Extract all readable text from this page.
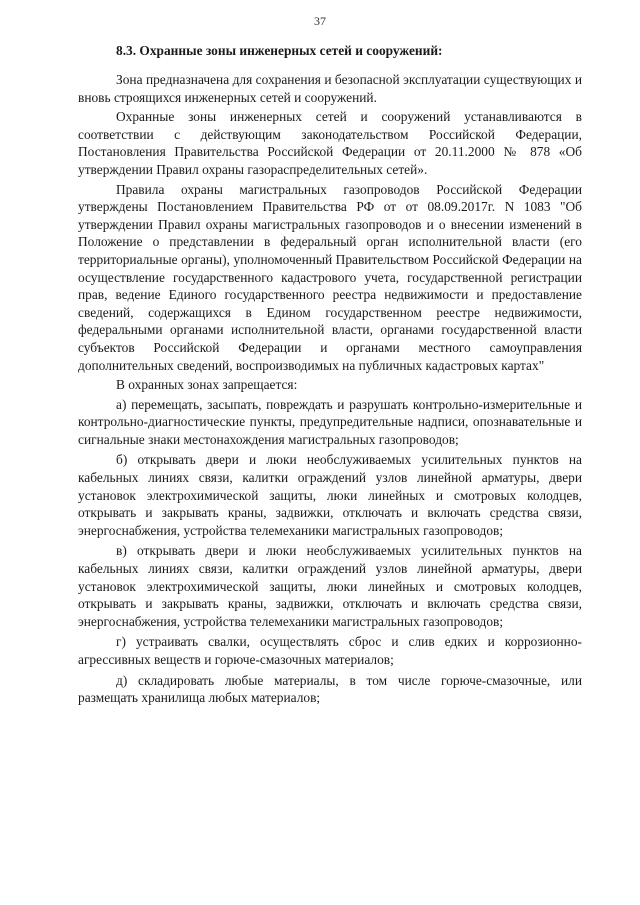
37

8.3. Охранные зоны инженерных сетей и сооружений:

Зона предназначена для сохранения и безопасной эксплуатации существующих и вновь строящихся инженерных сетей и сооружений.

Охранные зоны инженерных сетей и сооружений устанавливаются в соответствии с действующим законодательством Российской Федерации, Постановления Правительства Российской Федерации от 20.11.2000 № 878 «Об утверждении Правил охраны газораспределительных сетей».

Правила охраны магистральных газопроводов Российской Федерации утверждены Постановлением Правительства РФ от от 08.09.2017г. N 1083 "Об утверждении Правил охраны магистральных газопроводов и о внесении изменений в Положение о представлении в федеральный орган исполнительной власти (его территориальные органы), уполномоченный Правительством Российской Федерации на осуществление государственного кадастрового учета, государственной регистрации прав, ведение Единого государственного реестра недвижимости и предоставление сведений, содержащихся в Едином государственном реестре недвижимости, федеральными органами исполнительной власти, органами государственной власти субъектов Российской Федерации и органами местного самоуправления дополнительных сведений, воспроизводимых на публичных кадастровых картах"

В охранных зонах запрещается:

а) перемещать, засыпать, повреждать и разрушать контрольно-измерительные и контрольно-диагностические пункты, предупредительные надписи, опознавательные и сигнальные знаки местонахождения магистральных газопроводов;

б) открывать двери и люки необслуживаемых усилительных пунктов на кабельных линиях связи, калитки ограждений узлов линейной арматуры, двери установок электрохимической защиты, люки линейных и смотровых колодцев, открывать и закрывать краны, задвижки, отключать и включать средства связи, энергоснабжения, устройства телемеханики магистральных газопроводов;

в) открывать двери и люки необслуживаемых усилительных пунктов на кабельных линиях связи, калитки ограждений узлов линейной арматуры, двери установок электрохимической защиты, люки линейных и смотровых колодцев, открывать и закрывать краны, задвижки, отключать и включать средства связи, энергоснабжения, устройства телемеханики магистральных газопроводов;

г) устраивать свалки, осуществлять сброс и слив едких и коррозионно-агрессивных веществ и горюче-смазочных материалов;

д) складировать любые материалы, в том числе горюче-смазочные, или размещать хранилища любых материалов;
